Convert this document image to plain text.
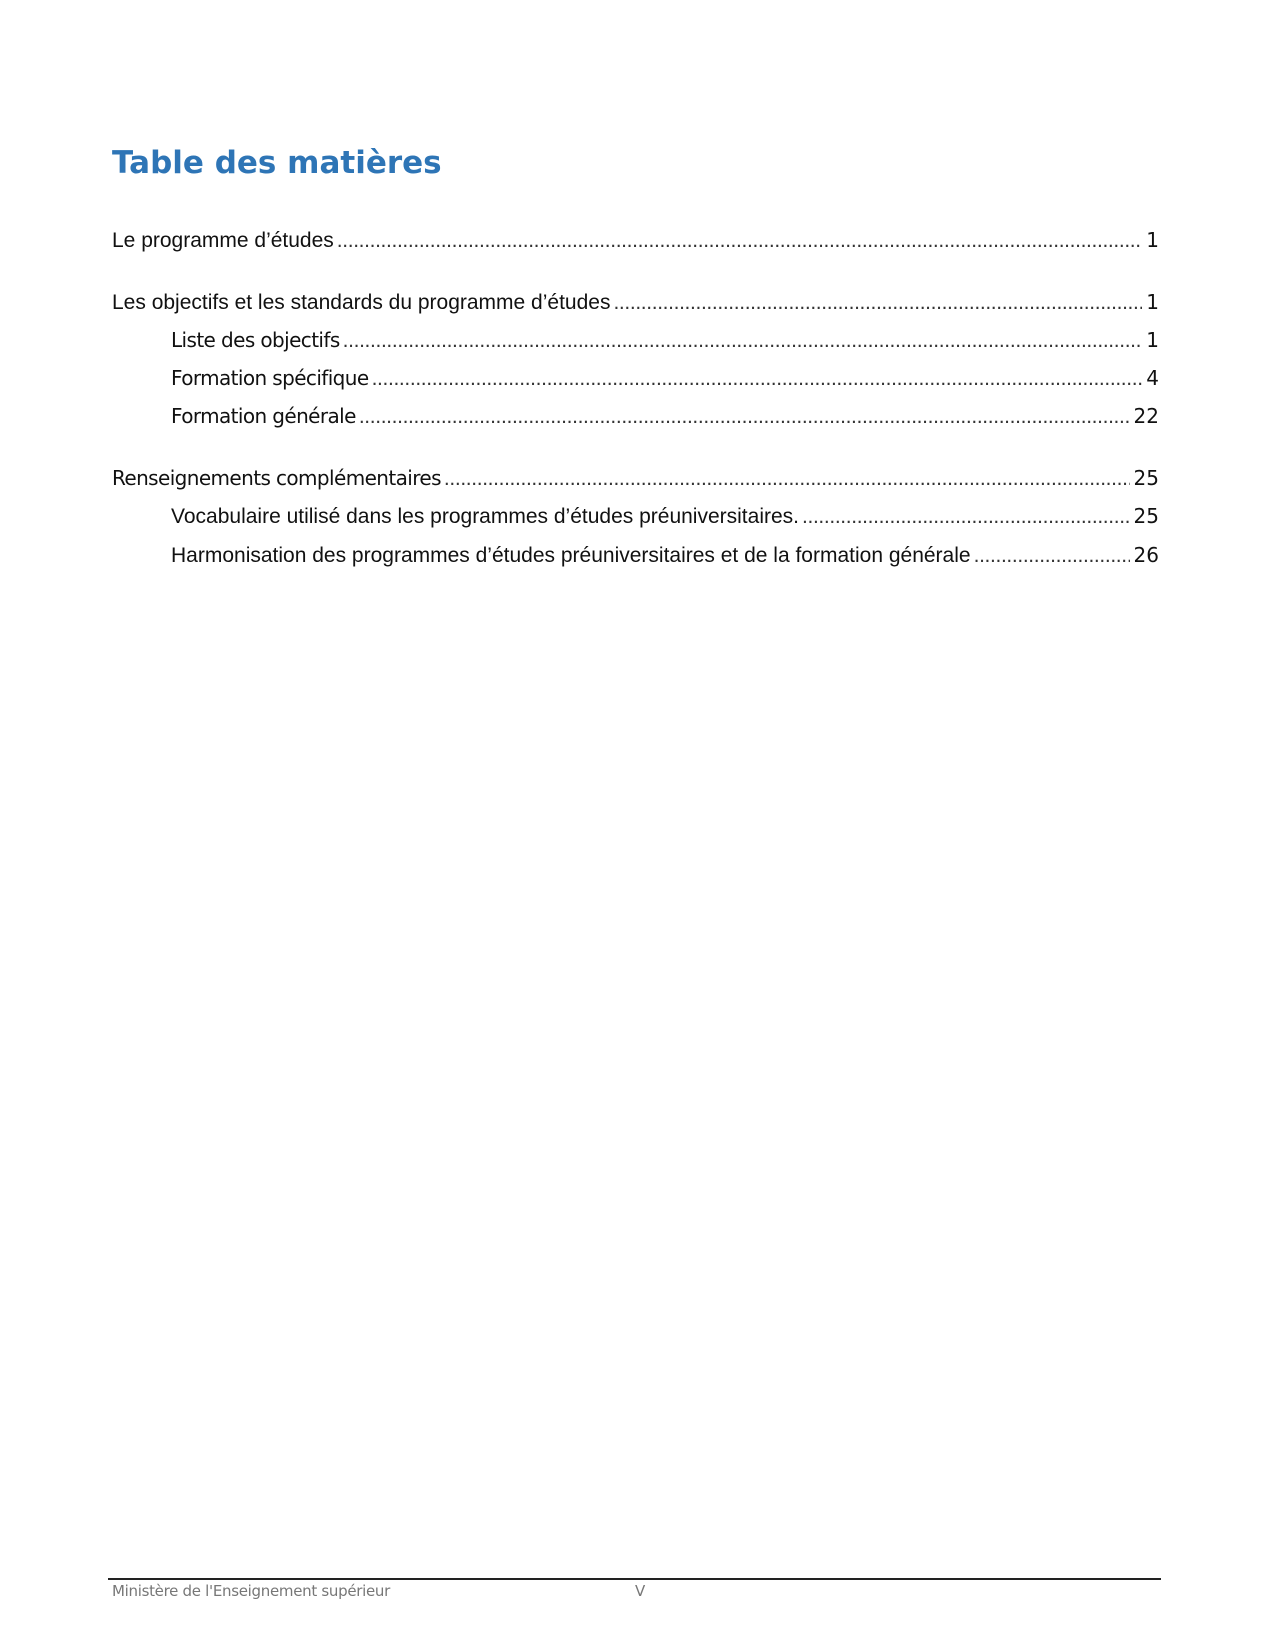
Table des matières
Le programme d’études . . .	1
Les objectifs et les standards du programme d’études . . .	1
Liste des objectifs . . .	1
Formation spécifique . . .	4
Formation générale . . .	22
Renseignements complémentaires . . .	25
Vocabulaire utilisé dans les programmes d’études préuniversitaires. . . .	25
Harmonisation des programmes d’études préuniversitaires et de la formation générale . . .	26
Ministère de l'Enseignement supérieur	V
